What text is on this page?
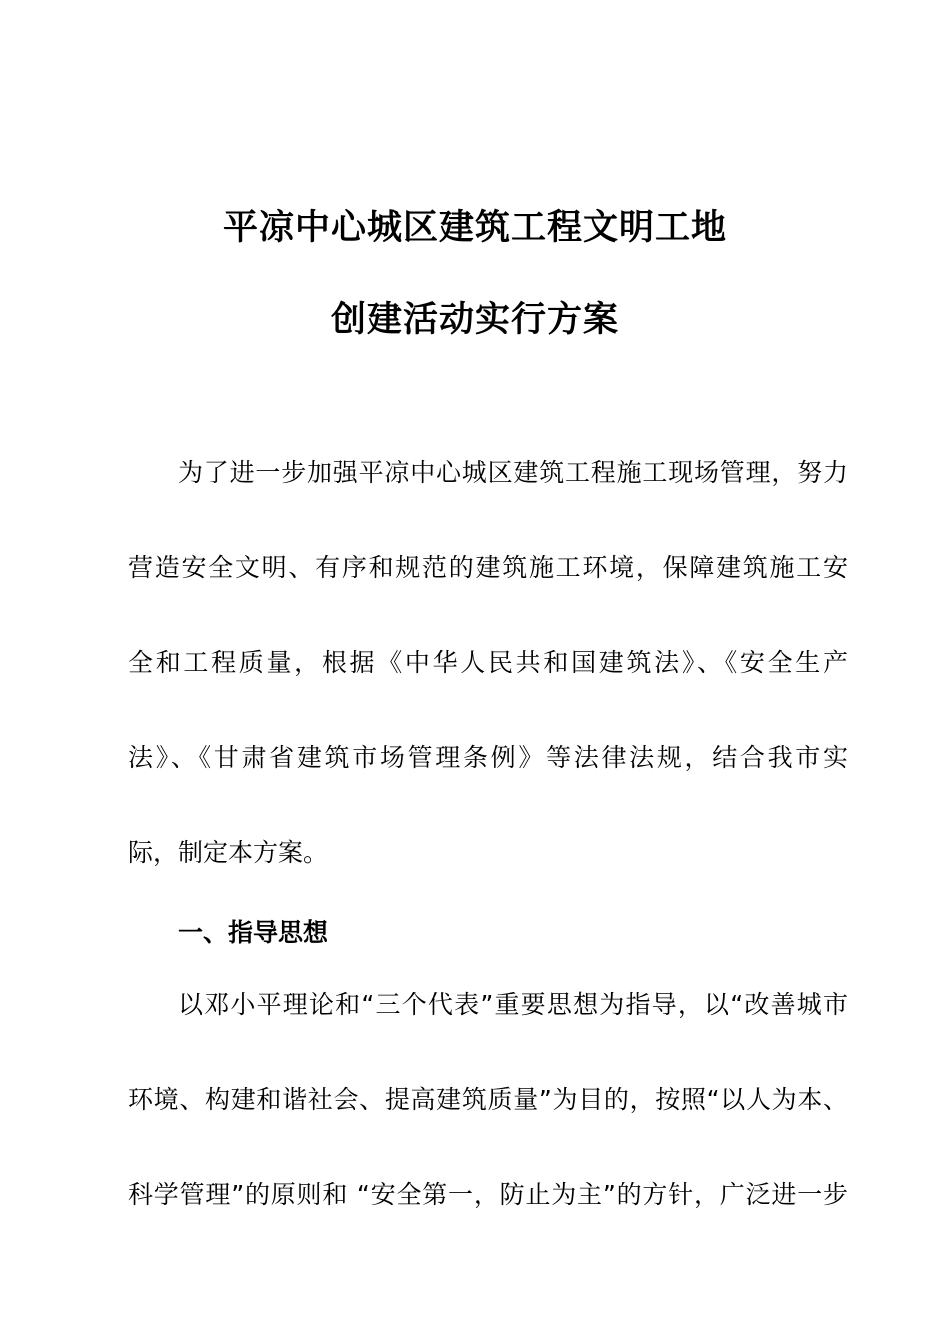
平凉中心城区建筑工程文明工地
创建活动实行方案
为了进一步加强平凉中心城区建筑工程施工现场管理，努力
营造安全文明、有序和规范的建筑施工环境，保障建筑施工安
全和工程质量，根据《中华人民共和国建筑法》、《安全生产
法》、《甘肃省建筑市场管理条例》等法律法规，结合我市实
际，制定本方案。
一、指导思想
以邓小平理论和“三个代表”重要思想为指导，以“改善城市
环境、构建和谐社会、提高建筑质量”为目的，按照“以人为本、
科学管理”的原则和 “安全第一，防止为主”的方针，广泛进一步
